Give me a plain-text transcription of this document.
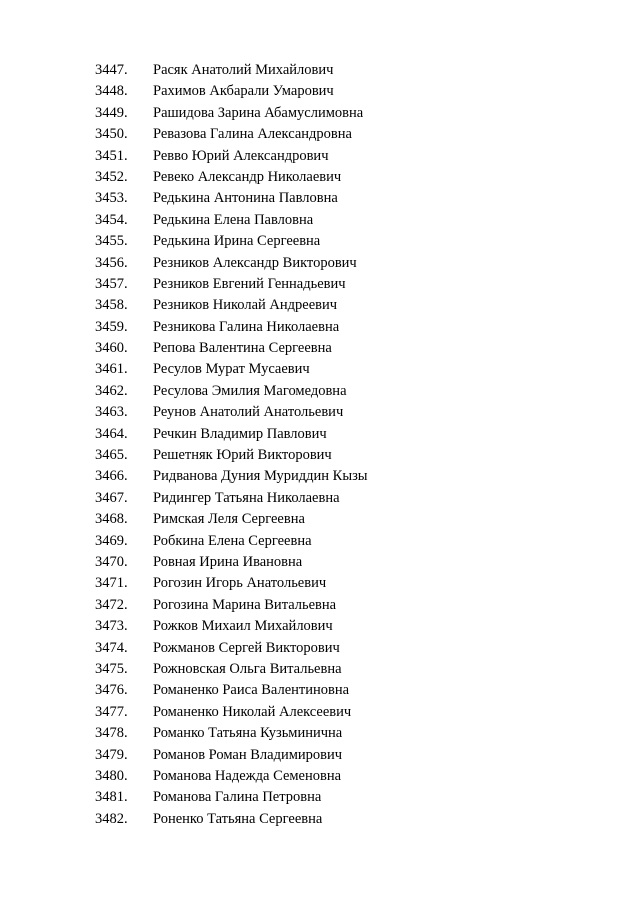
3447. Расяк Анатолий Михайлович
3448. Рахимов Акбарали Умарович
3449. Рашидова Зарина Абамуслимовна
3450. Ревазова Галина Александровна
3451. Ревво Юрий Александрович
3452. Ревеко Александр Николаевич
3453. Редькина Антонина Павловна
3454. Редькина Елена Павловна
3455. Редькина Ирина Сергеевна
3456. Резников Александр Викторович
3457. Резников Евгений Геннадьевич
3458. Резников Николай Андреевич
3459. Резникова Галина Николаевна
3460. Репова Валентина Сергеевна
3461. Ресулов Мурат Мусаевич
3462. Ресулова Эмилия Магомедовна
3463. Реунов Анатолий Анатольевич
3464. Речкин Владимир Павлович
3465. Решетняк Юрий Викторович
3466. Ридванова Дуния Муриддин Кызы
3467. Ридингер Татьяна Николаевна
3468. Римская Леля Сергеевна
3469. Робкина Елена Сергеевна
3470. Ровная Ирина Ивановна
3471. Рогозин Игорь Анатольевич
3472. Рогозина Марина Витальевна
3473. Рожков Михаил Михайлович
3474. Рожманов Сергей Викторович
3475. Рожновская Ольга Витальевна
3476. Романенко Раиса Валентиновна
3477. Романенко Николай Алексеевич
3478. Романко Татьяна Кузьминична
3479. Романов Роман Владимирович
3480. Романова Надежда Семеновна
3481. Романова Галина Петровна
3482. Роненко Татьяна Сергеевна
